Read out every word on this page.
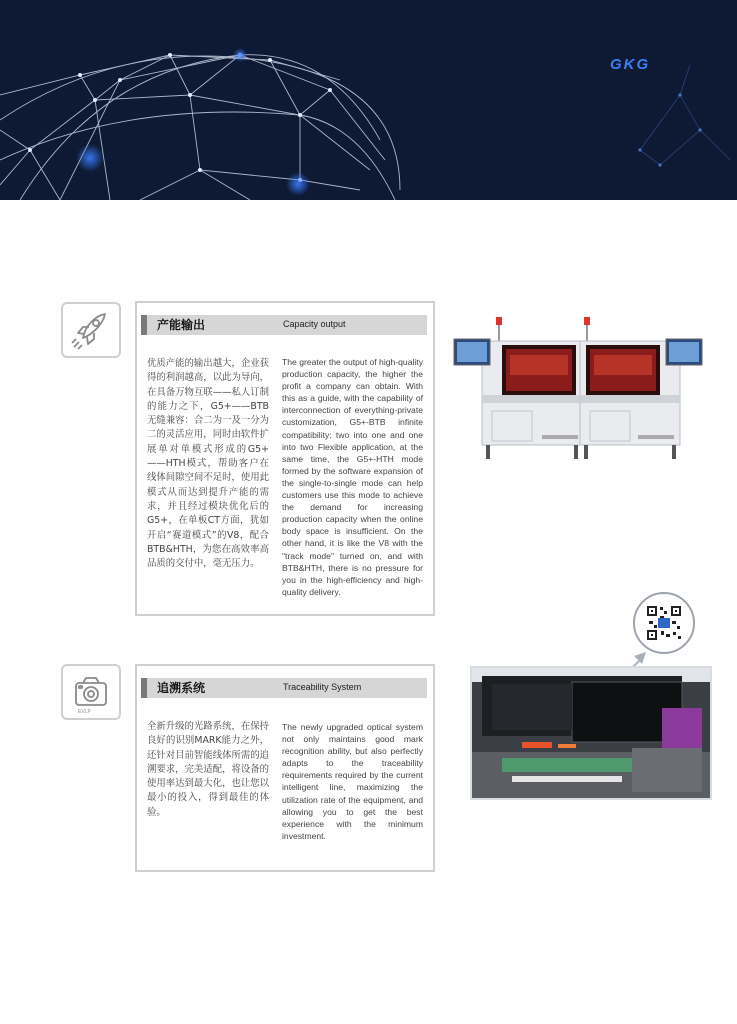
GKG
产能输出	Capacity output
优质产能的输出越大，企业获得的利润越高，以此为导向，在具备万物互联——私人订制的能力之下，G5+——BTB无缝兼容：合二为一及一分为二的灵活应用，同时由软件扩展单对单模式形成的G5+——HTH模式，帮助客户在线体间隙空间不足时，使用此模式从而达到提升产能的需求，并且经过模块优化后的G5+，在单板CT方面，犹如开启“赛道模式”的V8，配合BTB&HTH，为您在高效率高品质的交付中，毫无压力。
The greater the output of high-quality production capacity, the higher the profit a company can obtain. With this as a guide, with the capability of interconnection of everything-private customization, G5+-BTB infinite compatibility: two into one and one into two Flexible application, at the same time, the G5+-HTH mode formed by the software expansion of the single-to-single mode can help customers use this mode to achieve the demand for increasing production capacity when the online body space is insufficient. On the other hand, it is like the V8 with the "track mode" turned on, and with BTB&HTH, there is no pressure for you in the high-efficiency and high-quality delivery.
EVLP
追溯系统	Traceability System
全新升级的光路系统，在保持良好的识别MARK能力之外，还针对目前智能线体所需的追溯要求，完美适配，将设备的使用率达到最大化，也让您以最小的投入，得到最佳的体验。
The newly upgraded optical system not only maintains good mark recognition ability, but also perfectly adapts to the traceability requirements required by the current intelligent line, maximizing the utilization rate of the equipment, and allowing you to get the best experience with the minimum investment.
